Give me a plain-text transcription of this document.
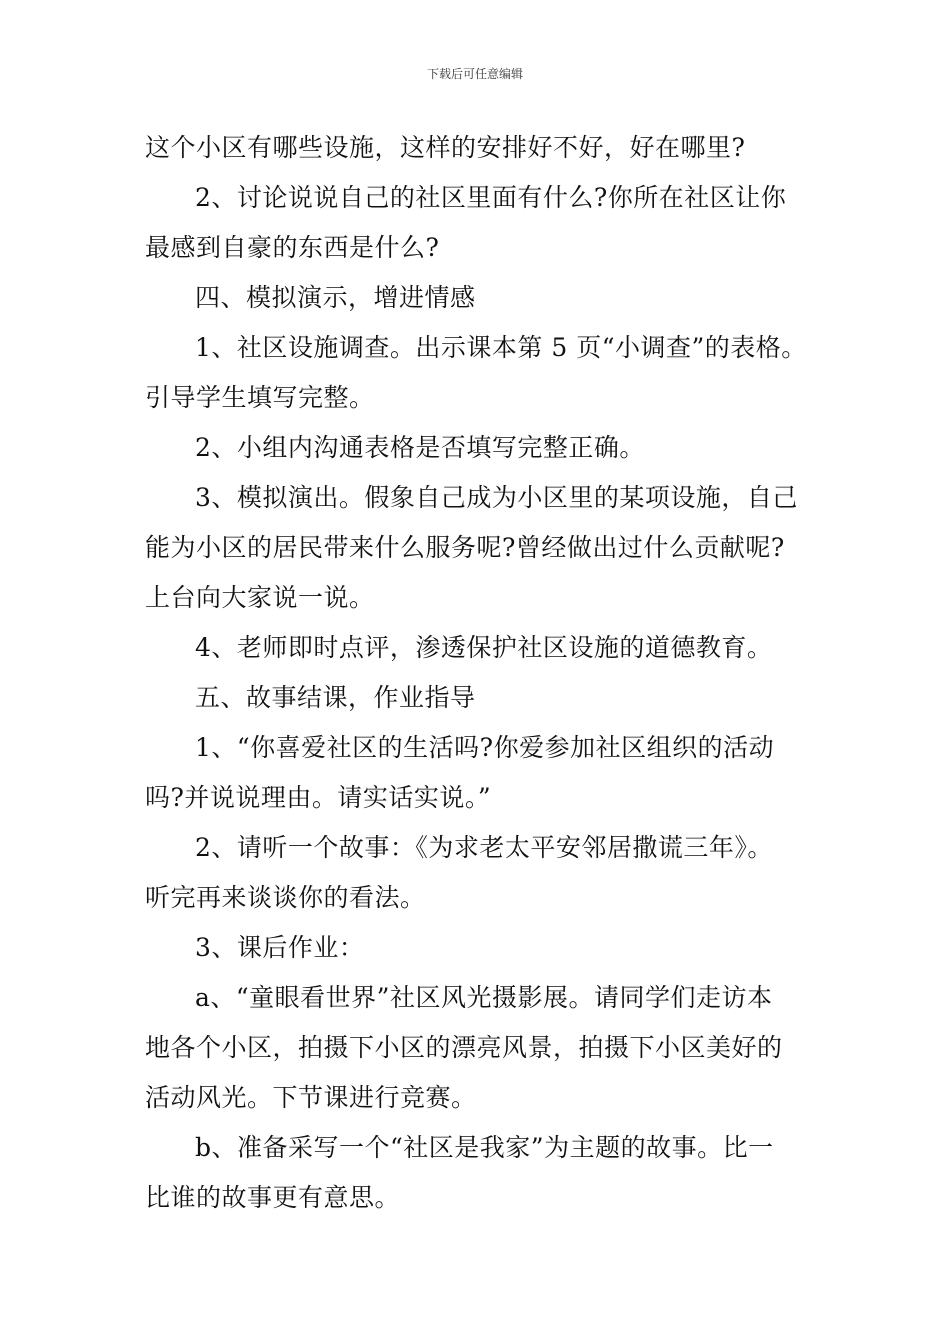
下载后可任意编辑
这个小区有哪些设施，这样的安排好不好，好在哪里?
2、讨论说说自己的社区里面有什么?你所在社区让你
最感到自豪的东西是什么?
四、模拟演示，增进情感
1、社区设施调查。出示课本第 5 页“小调查”的表格。
引导学生填写完整。
2、小组内沟通表格是否填写完整正确。
3、模拟演出。假象自己成为小区里的某项设施，自己
能为小区的居民带来什么服务呢?曾经做出过什么贡献呢?
上台向大家说一说。
4、老师即时点评，渗透保护社区设施的道德教育。
五、故事结课，作业指导
1、“你喜爱社区的生活吗?你爱参加社区组织的活动
吗?并说说理由。请实话实说。”
2、请听一个故事：《为求老太平安邻居撒谎三年》。
听完再来谈谈你的看法。
3、课后作业：
a、“童眼看世界”社区风光摄影展。请同学们走访本
地各个小区，拍摄下小区的漂亮风景，拍摄下小区美好的
活动风光。下节课进行竞赛。
b、准备采写一个“社区是我家”为主题的故事。比一
比谁的故事更有意思。
